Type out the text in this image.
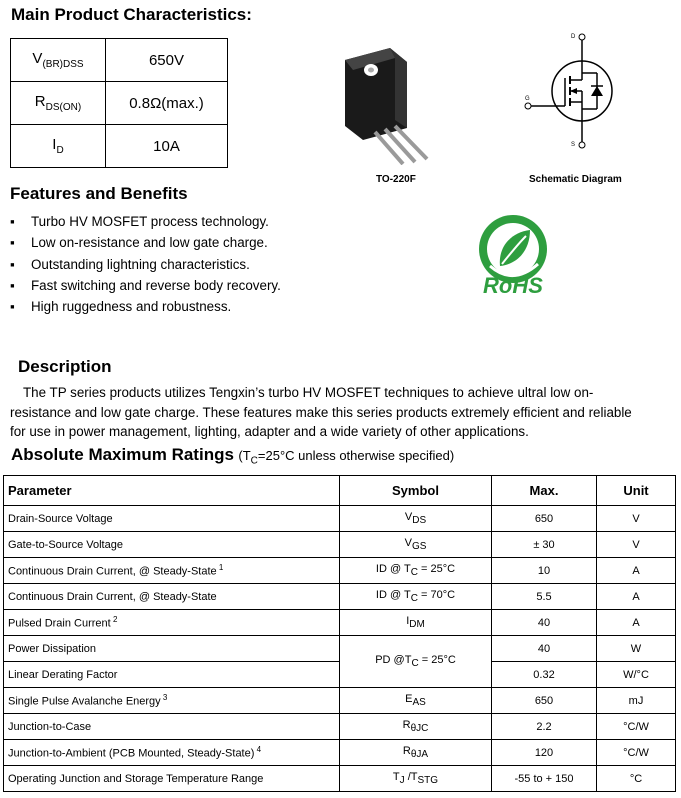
Main Product Characteristics:
$V_{(BR)DSS}$	650V
$R_{DS(ON)}$	0.8Ω(max.)
$I_D$	10A
TO-220F
D
G
S
Schematic Diagram
Features and Benefits
▪ Turbo HV MOSFET process technology.
▪ Low on-resistance and low gate charge.
▪ Outstanding lightning characteristics.
▪ Fast switching and reverse body recovery.
▪ High ruggedness and robustness.
RoHS
Description

The TP series products utilizes Tengxin’s turbo HV MOSFET techniques to achieve ultral low on-resistance and low gate charge. These features make this series products extremely efficient and reliable for use in power management, lighting, adapter and a wide variety of other applications.

Absolute Maximum Ratings ($T_C=25^\circ C$ unless otherwise specified)
Parameter	Symbol	Max.	Unit
Drain-Source Voltage	$V_{DS}$	650	V
Gate-to-Source Voltage	$V_{GS}$	± 30	V
Continuous Drain Current, @ Steady-State $^1$	ID @ $T_C = 25^\circ C$	10	A
Continuous Drain Current, @ Steady-State	ID @ $T_C = 70^\circ C$	5.5	A
Pulsed Drain Current $^2$	$I_{DM}$	40	A
Power Dissipation	PD $@T_C = 25^\circ C$	40	W
Linear Derating Factor		0.32	W/°C
Single Pulse Avalanche Energy $^3$	$E_{AS}$	650	mJ
Junction-to-Case	$R_{\theta JC}$	2.2	°C/W
Junction-to-Ambient (PCB Mounted, Steady-State) $^4$	$R_{\theta JA}$	120	°C/W
Operating Junction and Storage Temperature Range	$T_J$ $/T_{STG}$	-55 to + 150	°C
